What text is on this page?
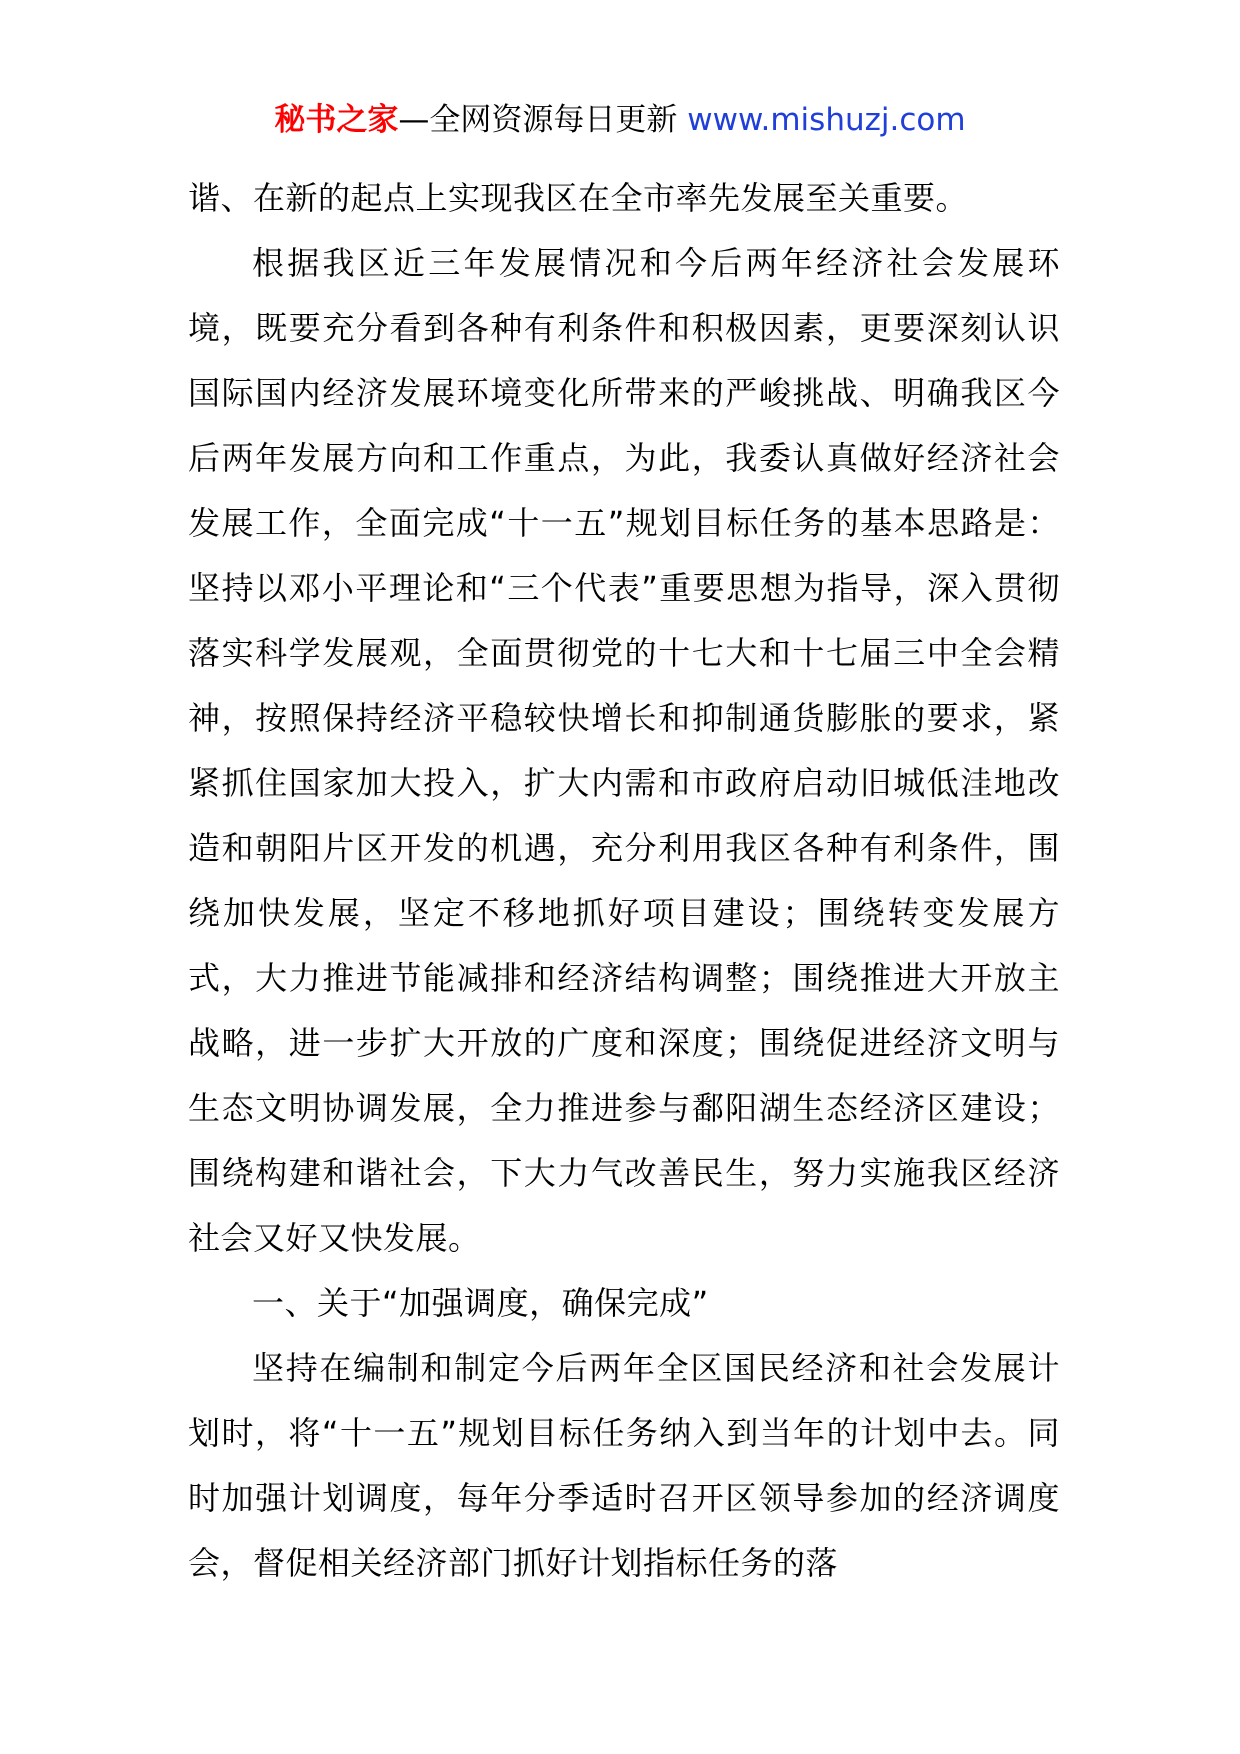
秘书之家—全网资源每日更新 www.mishuzj.com

谐、在新的起点上实现我区在全市率先发展至关重要。

根据我区近三年发展情况和今后两年经济社会发展环境，既要充分看到各种有利条件和积极因素，更要深刻认识国际国内经济发展环境变化所带来的严峻挑战、明确我区今后两年发展方向和工作重点，为此，我委认真做好经济社会发展工作，全面完成“十一五”规划目标任务的基本思路是：坚持以邓小平理论和“三个代表”重要思想为指导，深入贯彻落实科学发展观，全面贯彻党的十七大和十七届三中全会精神，按照保持经济平稳较快增长和抑制通货膨胀的要求，紧紧抓住国家加大投入，扩大内需和市政府启动旧城低洼地改造和朝阳片区开发的机遇，充分利用我区各种有利条件，围绕加快发展，坚定不移地抓好项目建设；围绕转变发展方式，大力推进节能减排和经济结构调整；围绕推进大开放主战略，进一步扩大开放的广度和深度；围绕促进经济文明与生态文明协调发展，全力推进参与鄱阳湖生态经济区建设；围绕构建和谐社会，下大力气改善民生，努力实施我区经济社会又好又快发展。

一、关于“加强调度，确保完成”

坚持在编制和制定今后两年全区国民经济和社会发展计划时，将“十一五”规划目标任务纳入到当年的计划中去。同时加强计划调度，每年分季适时召开区领导参加的经济调度会，督促相关经济部门抓好计划指标任务的落
